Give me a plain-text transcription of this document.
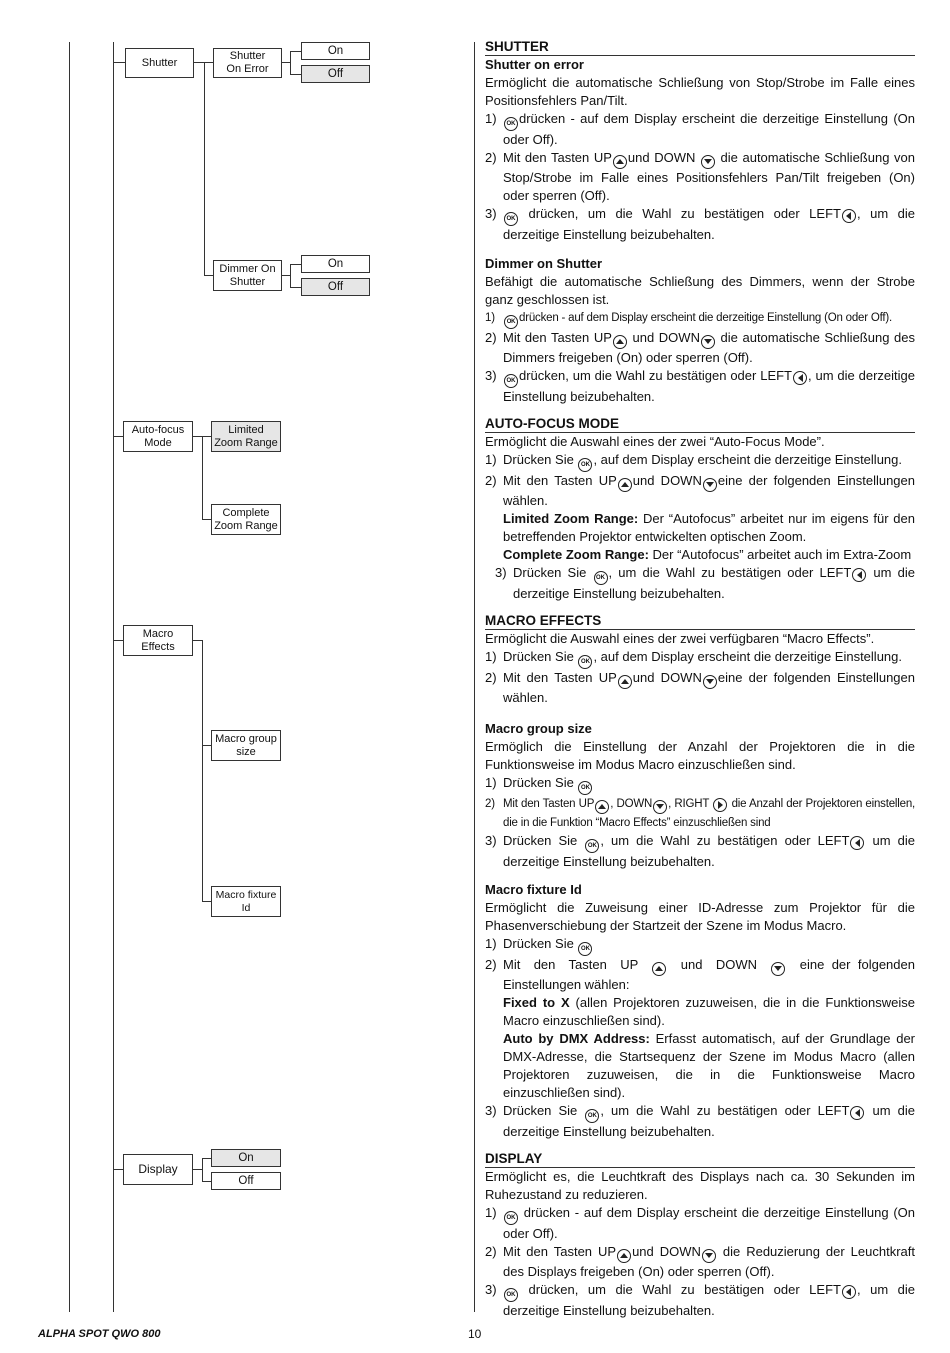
Shutter
Shutter
On Error
On
Off
Dimmer On
Shutter
On
Off
Auto-focus
Mode
Limited
Zoom Range
Complete
Zoom Range
Macro
Effects
Macro group
size
Macro fixture Id
Display
On
Off
SHUTTER
Shutter on error

Ermöglicht die automatische Schließung von Stop/Strobe im Falle eines Positionsfehlers Pan/Tilt.

1)	OK drücken - auf dem Display erscheint die derzeitige Einstellung (On oder Off).
2) Mit den Tasten UP und DOWN die automatische Schließung von Stop/Strobe im Falle eines Positionsfehlers Pan/Tilt freigeben (On) oder sperren (Off).
3)	OK drücken, um die Wahl zu bestätigen oder LEFT , um die derzeitige Einstellung beizubehalten.
Dimmer on Shutter

Befähigt die automatische Schließung des Dimmers, wenn der Strobe ganz geschlossen ist.

1)	OK drücken - auf dem Display erscheint die derzeitige Einstellung (On oder Off).
2) Mit den Tasten UP und DOWN die automatische Schließung des Dimmers freigeben (On) oder sperren (Off).
3)	OK drücken, um die Wahl zu bestätigen oder LEFT , um die derzeitige Einstellung beizubehalten.
AUTO-FOCUS MODE

Ermöglicht die Auswahl eines der zwei “Auto-Focus Mode”.

1) Drücken Sie OK , auf dem Display erscheint die derzeitige Einstellung.
2) Mit den Tasten UP und DOWN eine der folgenden Einstellungen wählen.
Limited Zoom Range: Der “Autofocus” arbeitet nur im eigens für den betreffenden Projektor entwickelten optischen Zoom.
Complete Zoom Range: Der “Autofocus” arbeitet auch im Extra-Zoom
3) Drücken Sie OK , um die Wahl zu bestätigen oder LEFT um die derzeitige Einstellung beizubehalten.
MACRO EFFECTS

Ermöglicht die Auswahl eines der zwei verfügbaren “Macro Effects”.

1) Drücken Sie OK , auf dem Display erscheint die derzeitige Einstellung.
2) Mit den Tasten UP und DOWN eine der folgenden Einstellungen wählen.
Macro group size

Ermöglich die Einstellung der Anzahl der Projektoren die in die Funktionsweise im Modus Macro einzuschließen sind.

1) Drücken Sie OK
2) Mit den Tasten UP , DOWN , RIGHT die Anzahl der Projektoren einstellen, die in die Funktion “Macro Effects” einzuschließen sind
3) Drücken Sie OK , um die Wahl zu bestätigen oder LEFT um die derzeitige Einstellung beizubehalten.
Macro fixture Id

Ermöglicht die Zuweisung einer ID-Adresse zum Projektor für die Phasenverschiebung der Startzeit der Szene im Modus Macro.

1) Drücken Sie OK
2) Mit den Tasten UP	und DOWN	eine der folgenden Einstellungen wählen:
Fixed to X (allen Projektoren zuzuweisen, die in die Funktionsweise Macro einzuschließen sind).
Auto by DMX Address: Erfasst automatisch, auf der Grundlage der DMX-Adresse, die Startsequenz der Szene im Modus Macro (allen Projektoren zuzuweisen, die in die Funktionsweise Macro einzuschließen sind).
3) Drücken Sie OK , um die Wahl zu bestätigen oder LEFT um die derzeitige Einstellung beizubehalten.
DISPLAY

Ermöglicht es, die Leuchtkraft des Displays nach ca. 30 Sekunden im Ruhezustand zu reduzieren.

1)	OK drücken - auf dem Display erscheint die derzeitige Einstellung (On oder Off).
2) Mit den Tasten UP und DOWN die Reduzierung der Leuchtkraft des Displays freigeben (On) oder sperren (Off).
3)	OK drücken, um die Wahl zu bestätigen oder LEFT , um die derzeitige Einstellung beizubehalten.
ALPHA SPOT QWO 800	10
